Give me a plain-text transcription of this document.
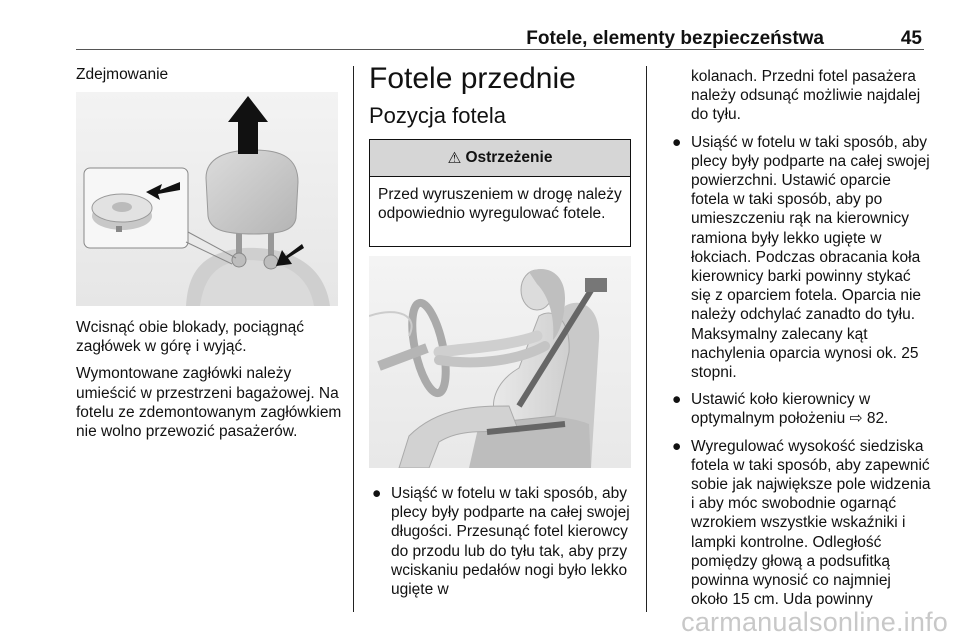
Fotele, elementy bezpieczeństwa	45
Zdejmowanie

Wcisnąć obie blokady, pociągnąć zagłówek w górę i wyjąć.

Wymontowane zagłówki należy umieścić w przestrzeni bagażowej. Na fotelu ze zdemontowanym zagłówkiem nie wolno przewozić pasażerów.

Fotele przednie
Pozycja fotela
⚠ Ostrzeżenie
Przed wyruszeniem w drogę należy odpowiednio wyregulować fotele.
● Usiąść w fotelu w taki sposób, aby plecy były podparte na całej swojej długości. Przesunąć fotel kierowcy do przodu lub do tyłu tak, aby przy wciskaniu pedałów nogi było lekko ugięte w

kolanach. Przedni fotel pasażera należy odsunąć możliwie najdalej do tyłu.

● Usiąść w fotelu w taki sposób, aby plecy były podparte na całej swojej powierzchni. Ustawić oparcie fotela w taki sposób, aby po umieszczeniu rąk na kierownicy ramiona były lekko ugięte w łokciach. Podczas obracania koła kierownicy barki powinny stykać się z oparciem fotela. Oparcia nie należy odchylać zanadto do tyłu. Maksymalny zalecany kąt nachylenia oparcia wynosi ok. 25 stopni.
● Ustawić koło kierownicy w optymalnym położeniu ⇨ 82.
● Wyregulować wysokość siedziska fotela w taki sposób, aby zapewnić sobie jak największe pole widzenia i aby móc swobodnie ogarnąć wzrokiem wszystkie wskaźniki i lampki kontrolne. Odległość pomiędzy głową a podsufitką powinna wynosić co najmniej około 15 cm. Uda powinny
carmanualsonline.info
